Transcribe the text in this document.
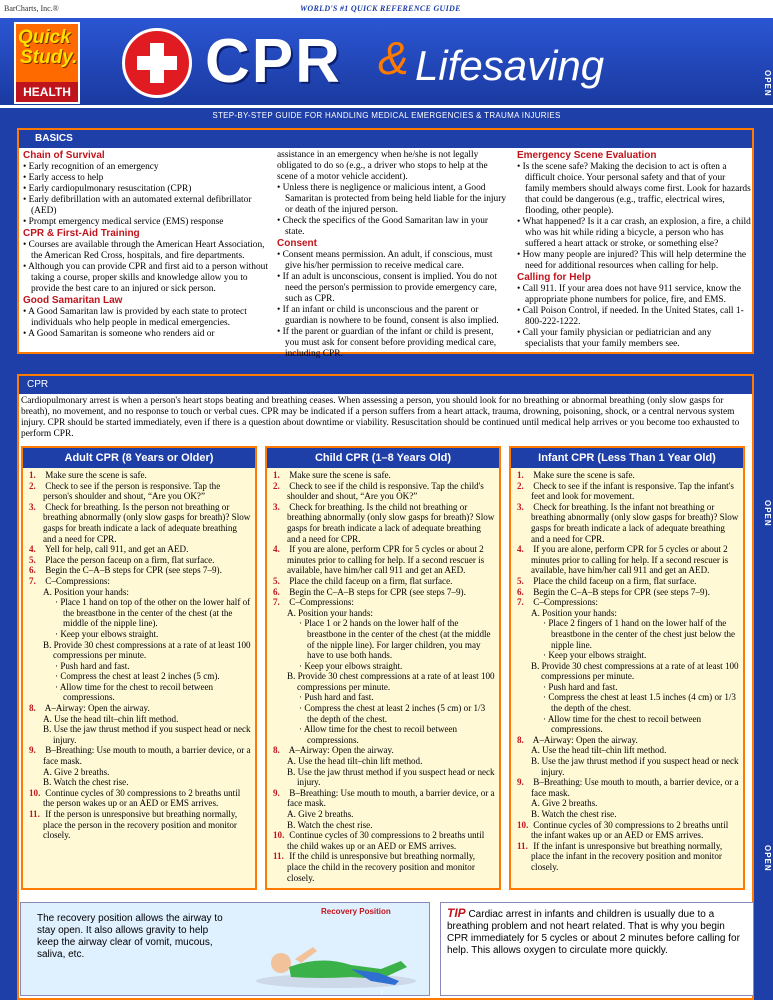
BarCharts, Inc.®	WORLD'S #1 QUICK REFERENCE GUIDE
Quick
Study.
HEALTH CPR & Lifesaving
STEP-BY-STEP GUIDE FOR HANDLING MEDICAL EMERGENCIES & TRAUMA INJURIES
OPEN
OPEN
OPEN
BASICS
Chain of Survival
• Early recognition of an emergency
• Early access to help
• Early cardiopulmonary resuscitation (CPR)
• Early defibrillation with an automated external defibrillator (AED)
• Prompt emergency medical service (EMS) response
CPR & First-Aid Training
• Courses are available through the American Heart Association, the American Red Cross, hospitals, and fire departments.
• Although you can provide CPR and first aid to a person without taking a course, proper skills and knowledge allow you to provide the best care to an injured or sick person.
Good Samaritan Law
• A Good Samaritan law is provided by each state to protect individuals who help people in medical emergencies.
• A Good Samaritan is someone who renders aid or

assistance in an emergency when he/she is not legally obligated to do so (e.g., a driver who stops to help at the scene of a motor vehicle accident).

• Unless there is negligence or malicious intent, a Good Samaritan is protected from being held liable for the injury or death of the injured person.
• Check the specifics of the Good Samaritan law in your state.
Consent
• Consent means permission. An adult, if conscious, must give his/her permission to receive medical care.
• If an adult is unconscious, consent is implied. You do not need the person's permission to provide emergency care, such as CPR.
• If an infant or child is unconscious and the parent or guardian is nowhere to be found, consent is also implied.
• If the parent or guardian of the infant or child is present, you must ask for consent before providing medical care, including CPR.
Emergency Scene Evaluation
• Is the scene safe? Making the decision to act is often a difficult choice. Your personal safety and that of your family members should always come first. Look for hazards that could be dangerous (e.g., traffic, electrical wires, flooding, other people).
• What happened? Is it a car crash, an explosion, a fire, a child who was hit while riding a bicycle, a person who has suffered a heart attack or stroke, or something else?
• How many people are injured? This will help determine the need for additional resources when calling for help.
Calling for Help
• Call 911. If your area does not have 911 service, know the appropriate phone numbers for police, fire, and EMS.
• Call Poison Control, if needed. In the United States, call 1-800-222-1222.
• Call your family physician or pediatrician and any specialists that your family members see.
CPR

Cardiopulmonary arrest is when a person's heart stops beating and breathing ceases. When assessing a person, you should look for no breathing or abnormal breathing (only slow gasps for breath), no movement, and no response to touch or verbal cues. CPR may be indicated if a person suffers from a heart attack, trauma, drowning, poisoning, shock, or a central nervous system injury. CPR should be started immediately, even if there is a question about downtime or viability. Resuscitation should be continued until medical help arrives or you become too exhausted to perform CPR.

Adult CPR (8 Years or Older)
1. Make sure the scene is safe.
2. Check to see if the person is responsive. Tap the person's shoulder and shout, “Are you OK?”
3. Check for breathing. Is the person not breathing or breathing abnormally (only slow gasps for breath)? Slow gasps for breath indicate a lack of adequate breathing and a need for CPR.
4. Yell for help, call 911, and get an AED.
5. Place the person faceup on a firm, flat surface.
6. Begin the C–A–B steps for CPR (see steps 7–9).
7. C–Compressions:
A. Position your hands:
· Place 1 hand on top of the other on the lower half of the breastbone in the center of the chest (at the middle of the nipple line).
· Keep your elbows straight.
B. Provide 30 chest compressions at a rate of at least 100 compressions per minute.
· Push hard and fast.
· Compress the chest at least 2 inches (5 cm).
· Allow time for the chest to recoil between compressions.
8. A–Airway: Open the airway.
A. Use the head tilt–chin lift method.
B. Use the jaw thrust method if you suspect head or neck injury.
9. B–Breathing: Use mouth to mouth, a barrier device, or a face mask.
A. Give 2 breaths.
B. Watch the chest rise.
10. Continue cycles of 30 compressions to 2 breaths until the person wakes up or an AED or EMS arrives.
11. If the person is unresponsive but breathing normally, place the person in the recovery position and monitor closely.
Child CPR (1–8 Years Old)
1. Make sure the scene is safe.
2. Check to see if the child is responsive. Tap the child's shoulder and shout, “Are you OK?”
3. Check for breathing. Is the child not breathing or breathing abnormally (only slow gasps for breath)? Slow gasps for breath indicate a lack of adequate breathing and a need for CPR.
4. If you are alone, perform CPR for 5 cycles or about 2 minutes prior to calling for help. If a second rescuer is available, have him/her call 911 and get an AED.
5. Place the child faceup on a firm, flat surface.
6. Begin the C–A–B steps for CPR (see steps 7–9).
7. C–Compressions:
A. Position your hands:
· Place 1 or 2 hands on the lower half of the breastbone in the center of the chest (at the middle of the nipple line). For larger children, you may have to use both hands.
· Keep your elbows straight.
B. Provide 30 chest compressions at a rate of at least 100 compressions per minute.
· Push hard and fast.
· Compress the chest at least 2 inches (5 cm) or 1/3 the depth of the chest.
· Allow time for the chest to recoil between compressions.
8. A–Airway: Open the airway.
A. Use the head tilt–chin lift method.
B. Use the jaw thrust method if you suspect head or neck injury.
9. B–Breathing: Use mouth to mouth, a barrier device, or a face mask.
A. Give 2 breaths.
B. Watch the chest rise.
10. Continue cycles of 30 compressions to 2 breaths until the child wakes up or an AED or EMS arrives.
11. If the child is unresponsive but breathing normally, place the child in the recovery position and monitor closely.
Infant CPR (Less Than 1 Year Old)
1. Make sure the scene is safe.
2. Check to see if the infant is responsive. Tap the infant's feet and look for movement.
3. Check for breathing. Is the infant not breathing or breathing abnormally (only slow gasps for breath)? Slow gasps for breath indicate a lack of adequate breathing and a need for CPR.
4. If you are alone, perform CPR for 5 cycles or about 2 minutes prior to calling for help. If a second rescuer is available, have him/her call 911 and get an AED.
5. Place the child faceup on a firm, flat surface.
6. Begin the C–A–B steps for CPR (see steps 7–9).
7. C–Compressions:
A. Position your hands:
· Place 2 fingers of 1 hand on the lower half of the breastbone in the center of the chest just below the nipple line.
· Keep your elbows straight.
B. Provide 30 chest compressions at a rate of at least 100 compressions per minute.
· Push hard and fast.
· Compress the chest at least 1.5 inches (4 cm) or 1/3 the depth of the chest.
· Allow time for the chest to recoil between compressions.
8. A–Airway: Open the airway.
A. Use the head tilt–chin lift method.
B. Use the jaw thrust method if you suspect head or neck injury.
9. B–Breathing: Use mouth to mouth, a barrier device, or a face mask.
A. Give 2 breaths.
B. Watch the chest rise.
10. Continue cycles of 30 compressions to 2 breaths until the infant wakes up or an AED or EMS arrives.
11. If the infant is unresponsive but breathing normally, place the infant in the recovery position and monitor closely.

The recovery position allows the airway to stay open. It also allows gravity to help keep the airway clear of vomit, mucous, saliva, etc.

Recovery Position	TIP Cardiac arrest in infants and children is usually due to a breathing problem and not heart related. That is why you begin CPR immediately for 5 cycles or about 2 minutes before calling for help. This allows oxygen to circulate more quickly.
1
